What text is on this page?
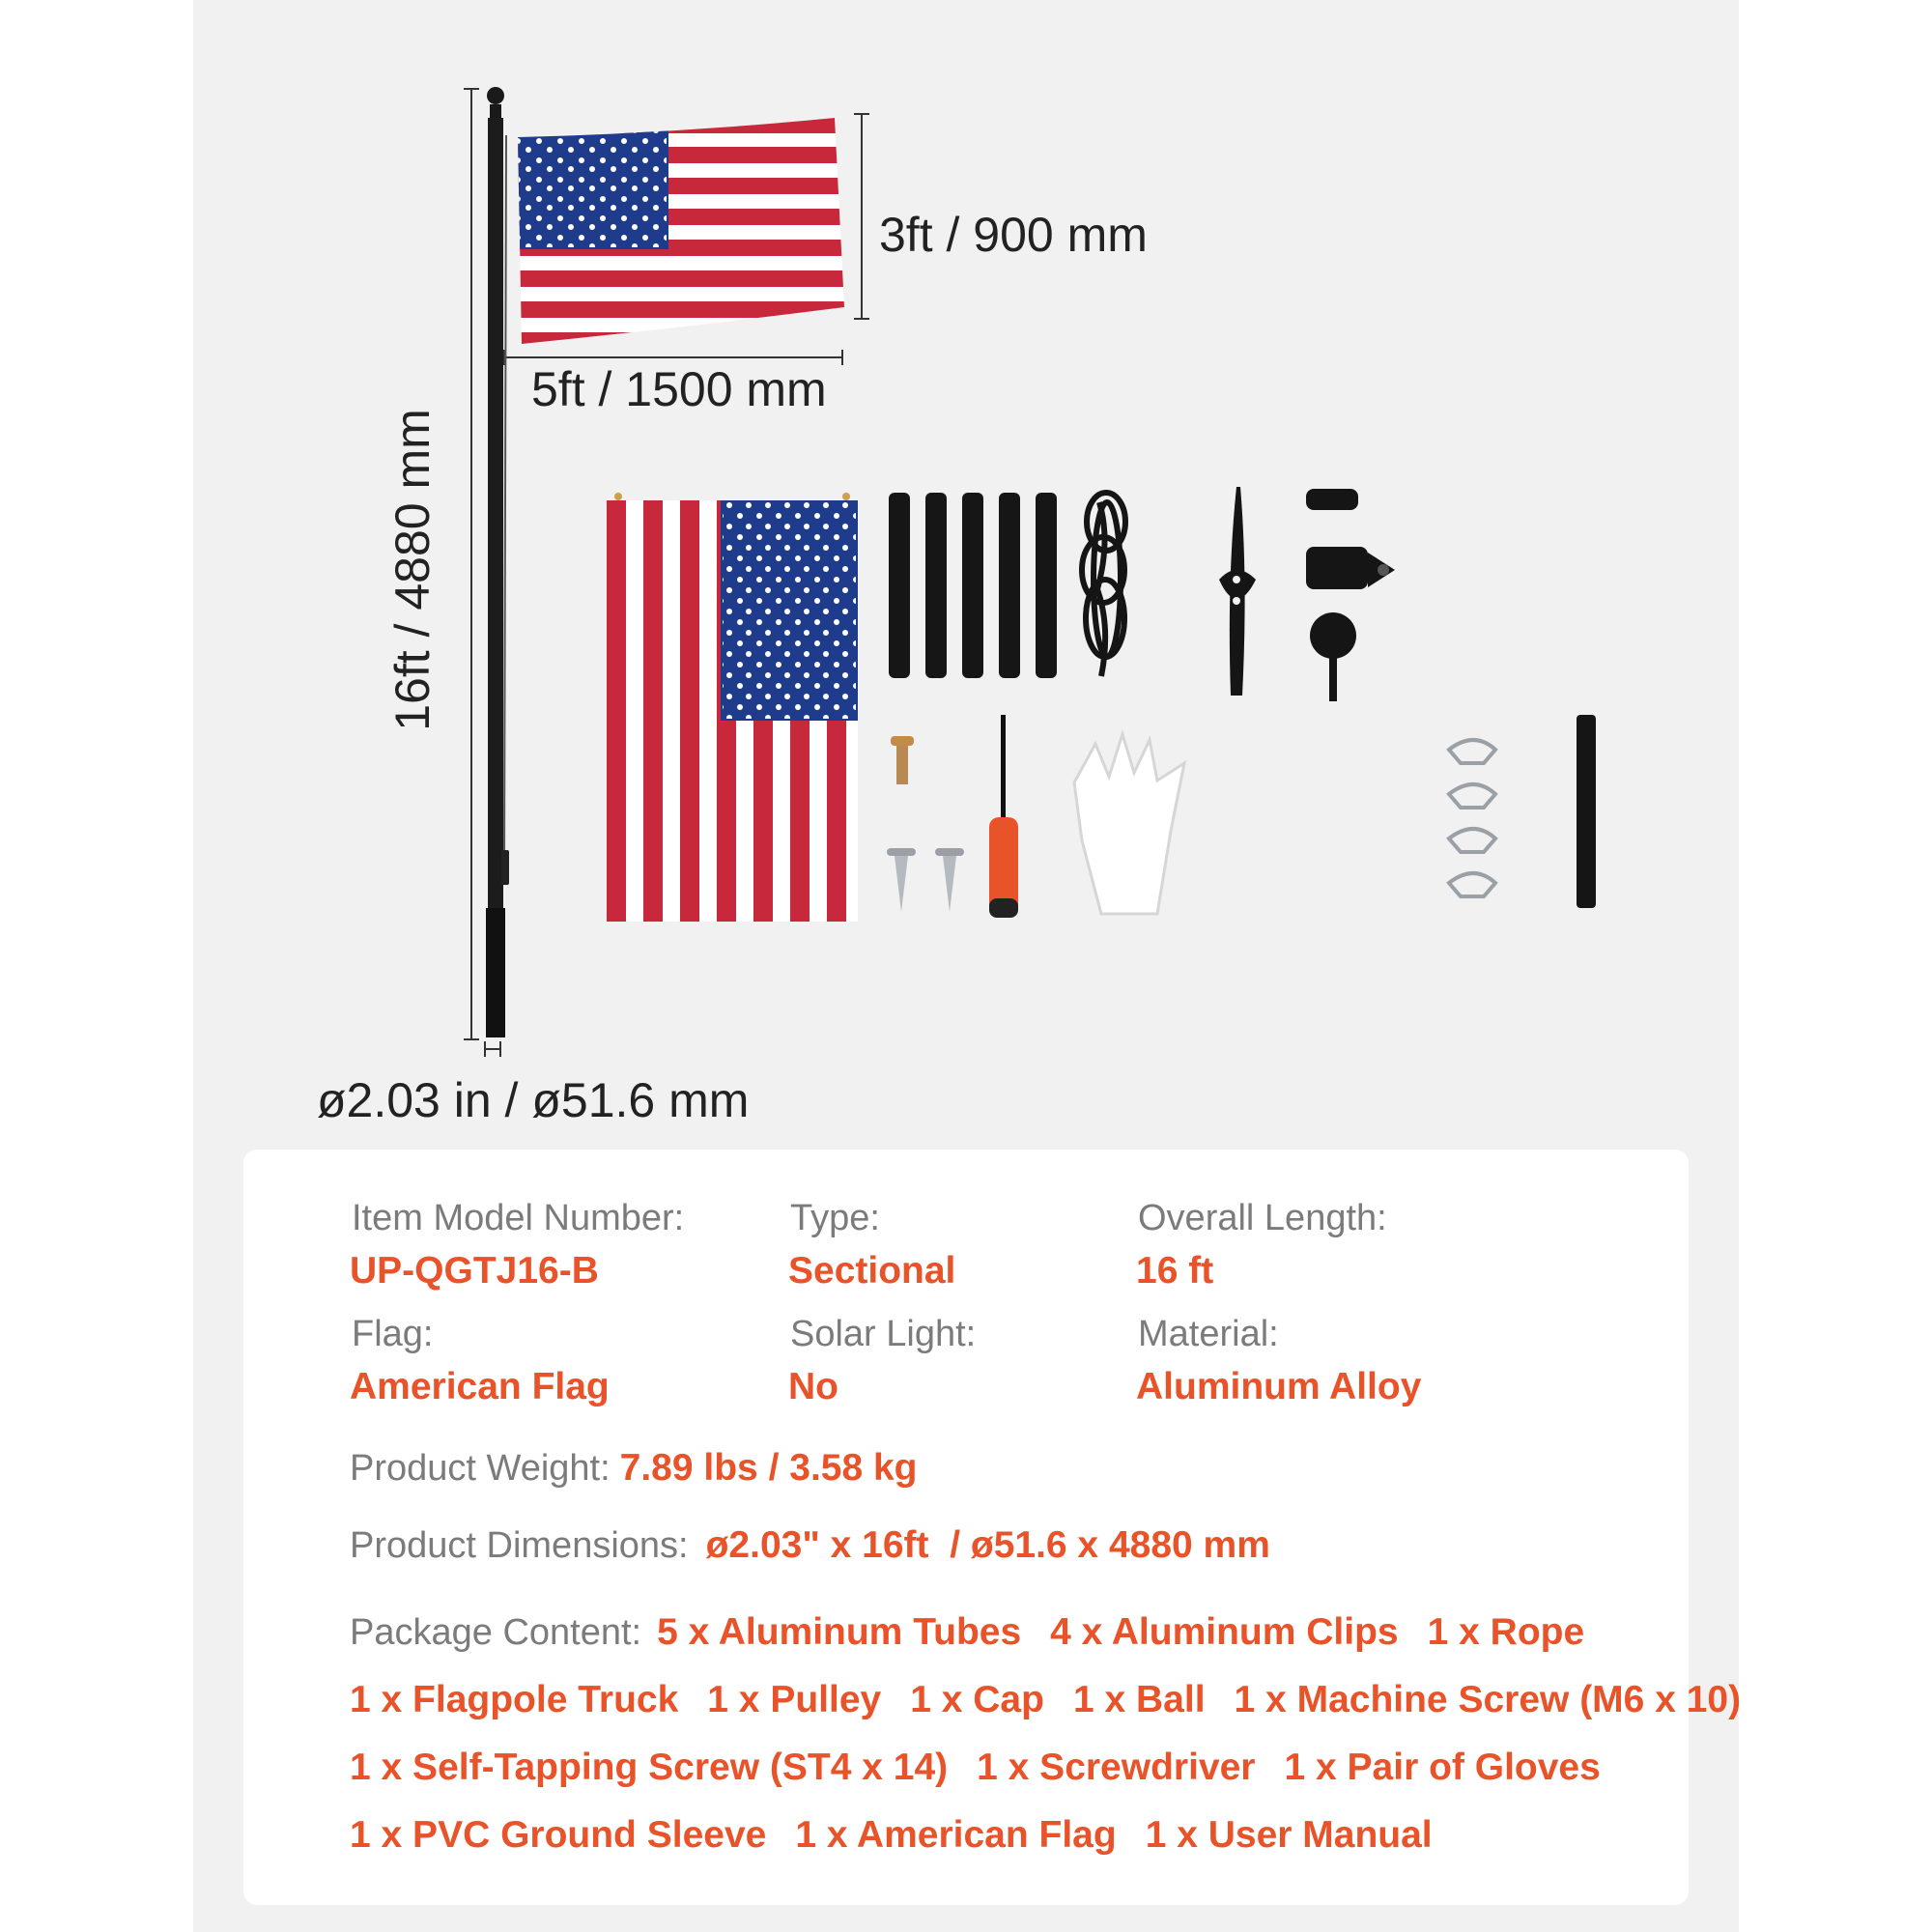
3ft / 900 mm
5ft / 1500 mm
ø2.03 in / ø51.6 mm
16ft / 4880 mm
Item Model Number:
UP-QGTJ16-B
Type:
Sectional
Overall Length:
16 ft
Flag:
American Flag
Solar Light:
No
Material:
Aluminum Alloy
Product Weight: 7.89 lbs / 3.58 kg
Product Dimensions: ø2.03" x 16ft  / ø51.6 x 4880 mm
Package Content: 5 x Aluminum Tubes 4 x Aluminum Clips 1 x Rope
1 x Flagpole Truck 1 x Pulley 1 x Cap 1 x Ball 1 x Machine Screw (M6 x 10)
1 x Self-Tapping Screw (ST4 x 14) 1 x Screwdriver 1 x Pair of Gloves
1 x PVC Ground Sleeve 1 x American Flag 1 x User Manual
